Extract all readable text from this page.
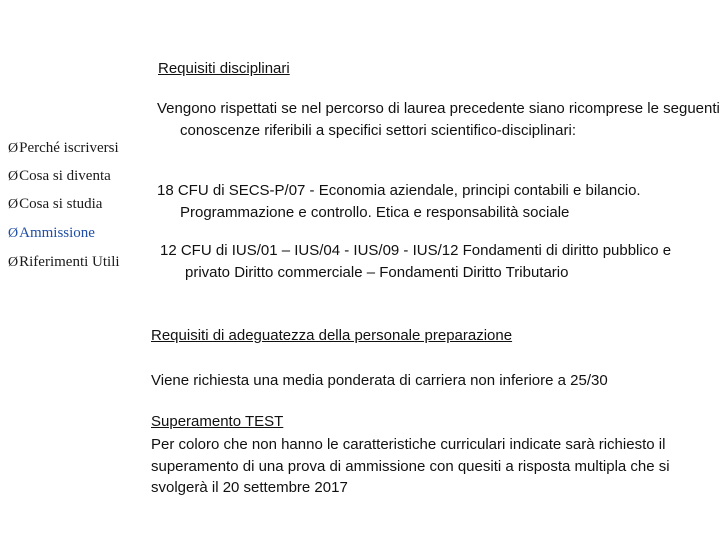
Requisiti disciplinari
ØPerché iscriversi
ØCosa si diventa
ØCosa si studia
ØAmmissione
ØRiferimenti Utili
Vengono rispettati se nel percorso di laurea precedente siano ricomprese le seguenti conoscenze riferibili a specifici settori scientifico-disciplinari:
18 CFU di SECS-P/07 - Economia aziendale, principi contabili e bilancio. Programmazione e controllo. Etica e responsabilità sociale
12 CFU di IUS/01 – IUS/04 - IUS/09 - IUS/12 Fondamenti di diritto pubblico e privato Diritto commerciale – Fondamenti Diritto Tributario
Requisiti di adeguatezza della personale preparazione
Viene richiesta una media ponderata di carriera non inferiore a 25/30
Superamento TEST
Per coloro che non hanno le caratteristiche curriculari indicate sarà richiesto il superamento di una prova di ammissione con quesiti a risposta multipla che si svolgerà il 20 settembre 2017
